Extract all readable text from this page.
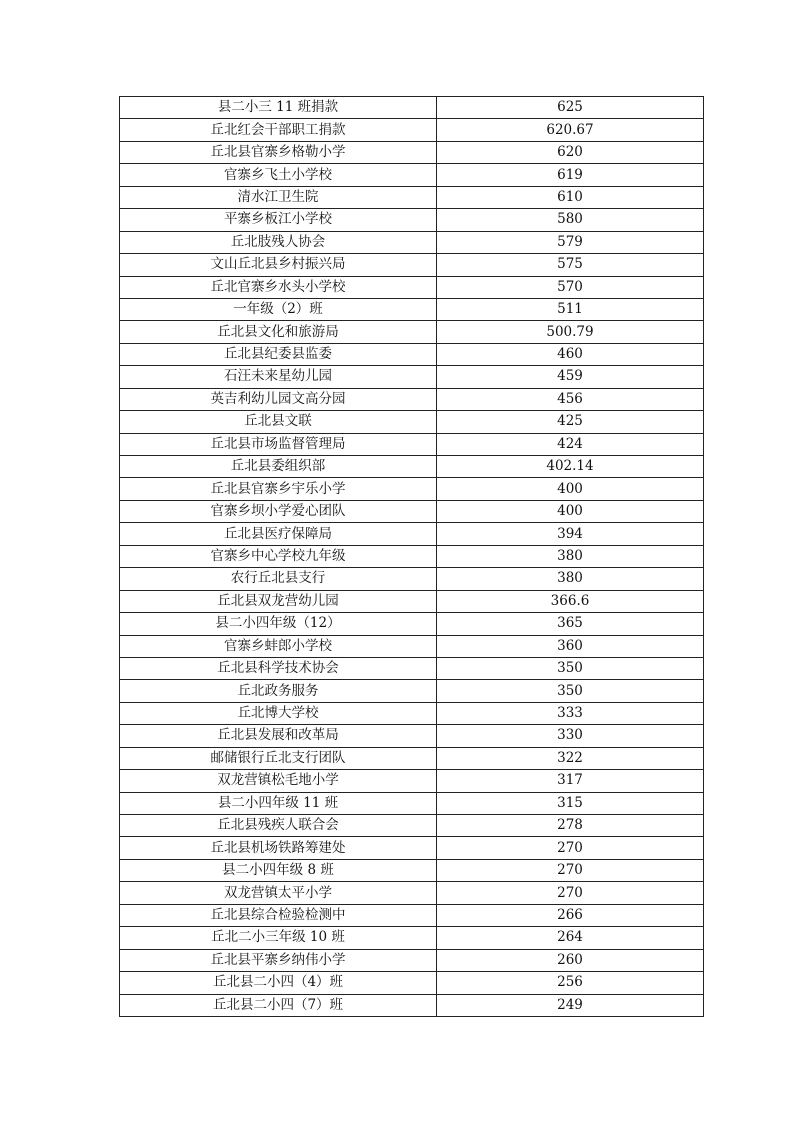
县二小三 11 班捐款	625
丘北红会干部职工捐款	620.67
丘北县官寨乡格勒小学	620
官寨乡飞土小学校	619
清水江卫生院	610
平寨乡板江小学校	580
丘北肢残人协会	579
文山丘北县乡村振兴局	575
丘北官寨乡水头小学校	570
一年级（2）班	511
丘北县文化和旅游局	500.79
丘北县纪委县监委	460
石汪未来星幼儿园	459
英吉利幼儿园文高分园	456
丘北县文联	425
丘北县市场监督管理局	424
丘北县委组织部	402.14
丘北县官寨乡宇乐小学	400
官寨乡坝小学爱心团队	400
丘北县医疗保障局	394
官寨乡中心学校九年级	380
农行丘北县支行	380
丘北县双龙营幼儿园	366.6
县二小四年级（12）	365
官寨乡蚌郎小学校	360
丘北县科学技术协会	350
丘北政务服务	350
丘北博大学校	333
丘北县发展和改革局	330
邮储银行丘北支行团队	322
双龙营镇松毛地小学	317
县二小四年级 11 班	315
丘北县残疾人联合会	278
丘北县机场铁路筹建处	270
县二小四年级 8 班	270
双龙营镇太平小学	270
丘北县综合检验检测中	266
丘北二小三年级 10 班	264
丘北县平寨乡纳伟小学	260
丘北县二小四（4）班	256
丘北县二小四（7）班	249
